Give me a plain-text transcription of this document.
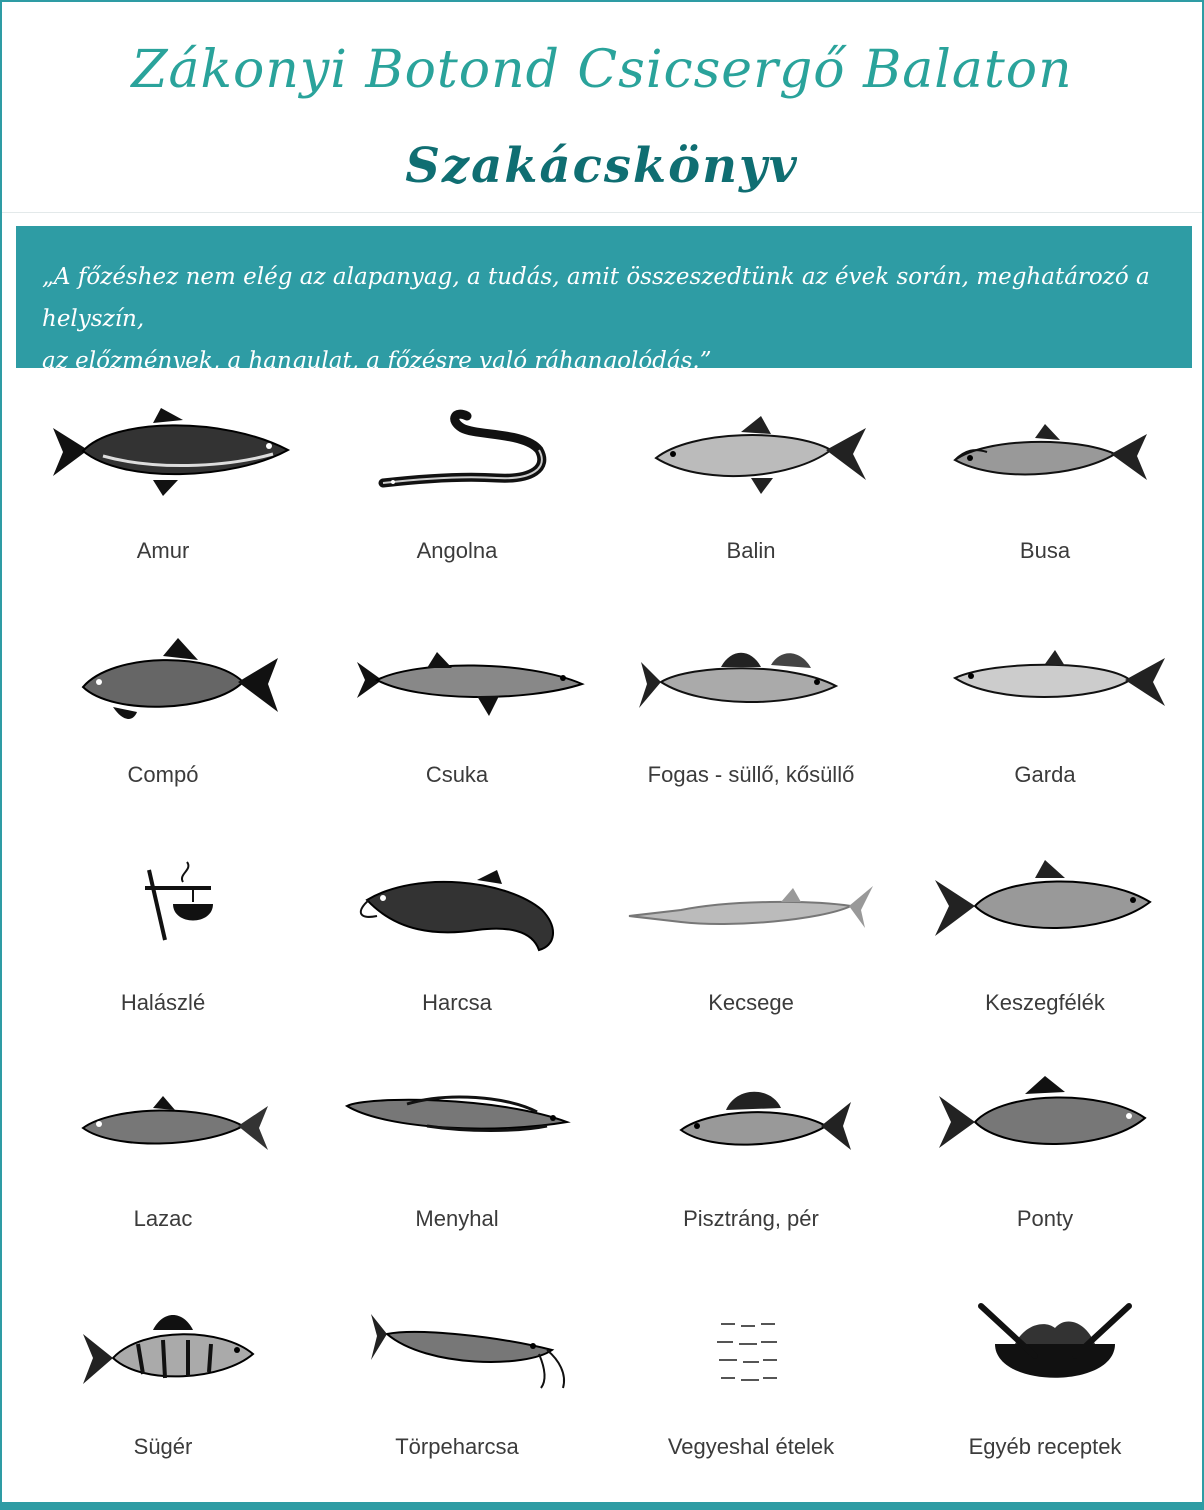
Zákonyi Botond Csicsergő Balaton
Szakácskönyv

„A főzéshez nem elég az alapanyag, a tudás, amit összeszedtünk az évek során, meghatározó a helyszín,
az előzmények, a hangulat, a főzésre való ráhangolódás.”

Amur	Angolna	Balin	Busa
Compó	Csuka	Fogas - süllő, kősüllő	Garda
Halászlé	Harcsa	Kecsege	Keszegfélék
Lazac	Menyhal	Pisztráng, pér	Ponty
Sügér	Törpeharcsa	Vegyeshal ételek	Egyéb receptek
